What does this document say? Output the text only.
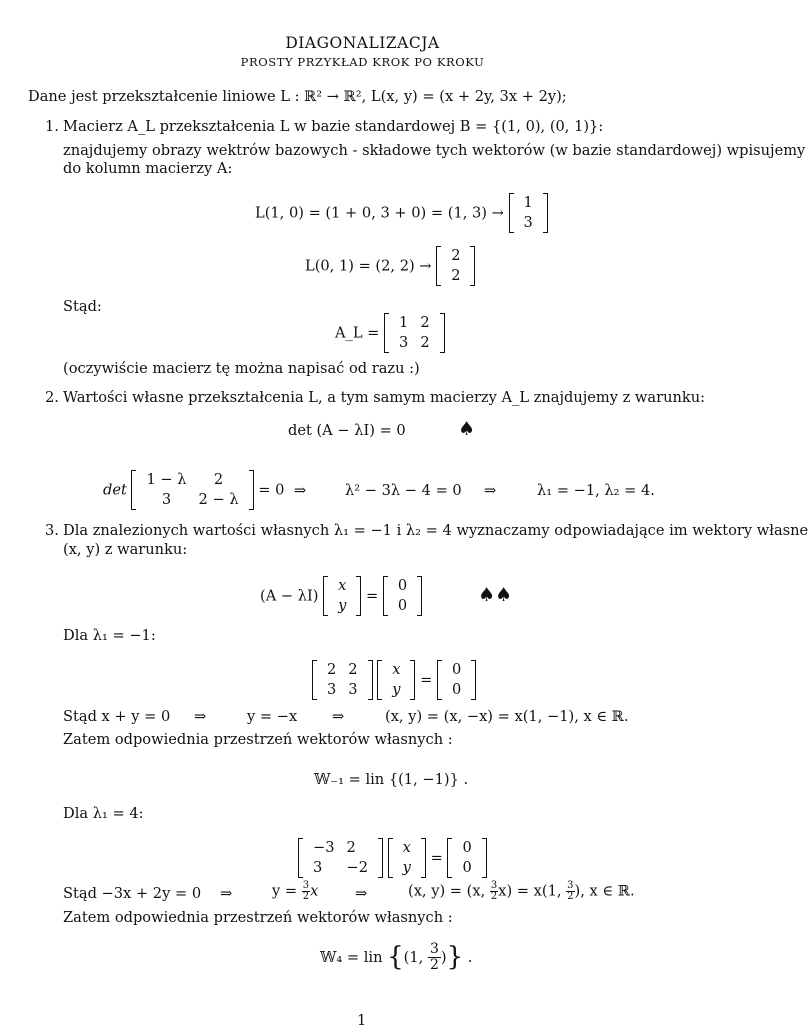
DIAGONALIZACJA
PROSTY PRZYKŁAD KROK PO KROKU
Dane jest przekształcenie liniowe L : ℝ² → ℝ², L(x, y) = (x + 2y, 3x + 2y);
1. Macierz A_L przekształcenia L w bazie standardowej B = {(1, 0), (0, 1)}:
znajdujemy obrazy wektrów bazowych - składowe tych wektorów (w bazie standardowej) wpisujemy
do kolumn macierzy A:
L(1, 0) = (1 + 0, 3 + 0) = (1, 3) →
1
3
L(0, 1) = (2, 2) →
2
2
Stąd:
A_L =
1	2
3	2
(oczywiście macierz tę można napisać od razu :)
2. Wartości własne przekształcenia L, a tym samym macierzy A_L znajdujemy z warunku:
det (A − λI) = 0	♠
det
1 − λ	2
3	2 − λ
= 0 ⇒	λ² − 3λ − 4 = 0 ⇒	λ₁ = −1, λ₂ = 4.
3. Dla znalezionych wartości własnych λ₁ = −1 i λ₂ = 4 wyznaczamy odpowiadające im wektory własne
(x, y) z warunku:
(A − λI)
x
y
=
0
0	♠♠
Dla λ₁ = −1:
2	2
3	3

x
y
=
0
0
Stąd x + y = 0 ⇒	y = −x ⇒	(x, y) = (x, −x) = x(1, −1), x ∈ ℝ.
Zatem odpowiednia przestrzeń wektorów własnych :
𝕎₋₁ = lin {(1, −1)} .
Dla λ₁ = 4:
−3	2
3	−2

x
y
=
0
0
Stąd −3x + 2y = 0 ⇒	$y = \frac{3}{2}$ x	⇒	(x, y) = (x, $\frac{3}{2} x) = x(1$, $\frac{3}{2}$ ), x ∈ ℝ.
Zatem odpowiednia przestrzeń wektorów własnych :
𝕎₄ = lin {(1, $\frac{3}{2}$ )} .
1
